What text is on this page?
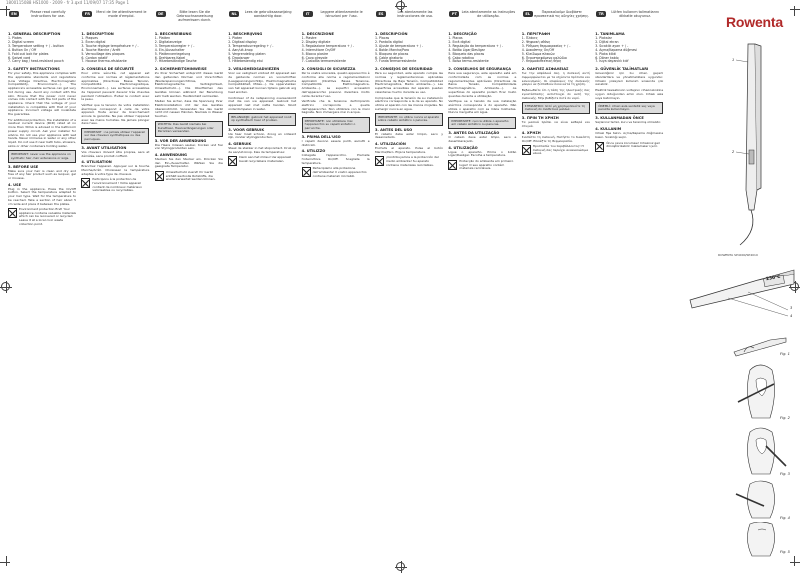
1800115088 HS1000 - 2009 - fr 3.qxd 11/09/07 17:35 Page 1
EN	Please read carefully instructions for use.
1. GENERAL DESCRIPTION
1. Plates
2. Digital screen
3. Temperature setting + / - button
4. Button On / Off
5. Fold out lock for plates
6. Swivel cord
7. Carry bag / heat-resistant pouch
2. SAFETY INSTRUCTIONS

For your safety, this appliance complies with the applicable standards and regulations (Low Voltage Directive, Electromagnetic Compatibility, Environment...). The appliance's accessible surfaces can get very hot during use. Avoid any contact with the skin. Ensure that the power cord never comes into contact with the hot parts of the appliance. Check that the voltage of your installation is compatible with that of your appliance. Incorrect voltage will invalidate the guarantee.

For additional protection, the installation of a residual current device (RCD) rated at no more than 30mA is advised in the bathroom power supply circuit. Ask your installer for advice. Do not use your appliance with wet hands. Never immerse in water or any other liquid. Do not use it near bath tubs, showers, sinks or other containers holding water.

IMPORTANT: never use the appliance on synthetic hair, hair extensions or wigs.
3. BEFORE USE

Make sure your hair is clean and dry and free of any hair product such as lacquer, gel or mousse.

4. USE

Plug in the appliance. Press the On/Off button. Select the temperature adapted to your hair type. Wait for the temperature to be reached. Take a section of hair about 5 cm wide and place it between the plates.

Environment protection first! Your appliance contains valuable materials which can be recovered or recycled. Leave it at a local civic waste collection point.
FR	Merci de lire attentivement le mode d'emploi.
1. DESCRIPTION
1. Plaques
2. Écran digital
3. Touche réglage température + / -
4. Touche Marche / Arrêt
5. Verrouillage des plaques
6. Cordon rotatif
7. Housse thermo-résistante
2. CONSEILS DE SÉCURITÉ

Pour votre sécurité, cet appareil est conforme aux normes et réglementations applicables (Directives Basse Tension, Compatibilité Electromagnétique, Environnement...). Les surfaces accessibles de l'appareil peuvent devenir très chaudes pendant l'utilisation. Évitez le contact avec la peau.

Vérifiez que la tension de votre installation électrique correspond à celle de votre appareil. Toute erreur de branchement annule la garantie. Ne pas utiliser l'appareil avec les mains humides. Ne jamais plonger dans l'eau.

IMPORTANT : ne jamais utiliser l'appareil sur des cheveux synthétiques ou des perruques.
3. AVANT UTILISATION

Vos cheveux doivent être propres, secs et démêlés, sans produit coiffant.

4. UTILISATION

Branchez l'appareil. Appuyez sur la touche Marche/Arrêt. Choisissez la température adaptée à votre type de cheveux.

Participons à la protection de l'environnement ! Votre appareil contient de nombreux matériaux valorisables ou recyclables.
DE	Bitte lesen Sie die Gebrauchsanweisung aufmerksam durch.
1. BESCHREIBUNG
1. Platten
2. Digitalanzeige
3. Temperaturregler + / -
4. Ein-/Ausschalter
5. Plattenverriegelung
6. Drehbares Kabel
7. Hitzebeständige Tasche
2. SICHERHEITSHINWEISE

Zu Ihrer Sicherheit entspricht dieses Gerät den geltenden Normen und Vorschriften (Niederspannungsrichtlinie, Elektromagnetische Verträglichkeit, Umweltschutz...). Die Oberflächen des Gerätes können während der Benutzung sehr heiß werden. Hautkontakt vermeiden.

Stellen Sie sicher, dass die Spannung Ihrer Elektroinstallation mit der des Gerätes übereinstimmt. Verwenden Sie das Gerät nicht mit nassen Händen. Niemals in Wasser tauchen.

WICHTIG: Das Gerät niemals bei Kunsthaar, Haarverlängerungen oder Perücken verwenden.
3. VOR DER ANWENDUNG

Die Haare müssen sauber, trocken und frei von Stylingprodukten sein.

4. ANWENDUNG

Stecken Sie den Stecker ein. Drücken Sie den Ein-/Ausschalter. Wählen Sie die geeignete Temperatur.

Umweltschutz zuerst! Ihr Gerät enthält wertvolle Rohstoffe, die wiederverwertet werden können.
NL	Lees de gebruiksaanwijzing aandachtig door.
1. BESCHRIJVING
1. Platen
2. Digitaal display
3. Temperatuurregeling + / -
4. Aan/uit-knop
5. Vergrendeling platen
6. Draaisnoer
7. Hittebestendig etui
2. VEILIGHEIDSADVIEZEN

Voor uw veiligheid voldoet dit apparaat aan de geldende normen en voorschriften (Laagspanningsrichtlijn, Elektromagnetische Compatibiliteit, Milieu...). De oppervlakken van het apparaat kunnen tijdens gebruik erg heet worden.

Controleer of de netspanning overeenkomt met die van uw apparaat. Gebruik het apparaat niet met natte handen. Nooit onderdompelen in water.

BELANGRIJK: gebruik het apparaat nooit op synthetisch haar of pruiken.
3. VOOR GEBRUIK

Uw haar moet schoon, droog en ontward zijn, zonder stylingproducten.

4. GEBRUIK

Steek de stekker in het stopcontact. Druk op de aan/uit-knop. Kies de temperatuur.

Denk aan het milieu! Uw apparaat bevat recyclebare materialen.
IT	Leggere attentamente le istruzioni per l'uso.
1. DESCRIZIONE
1. Piastre
2. Display digitale
3. Regolazione temperatura + / -
4. Interruttore On/Off
5. Blocco piastre
6. Cavo girevole
7. Custodia termoresistente
2. CONSIGLI DI SICUREZZA

Per la vostra sicurezza, questo apparecchio è conforme alle norme e regolamentazioni applicabili (Direttive Bassa Tensione, Compatibilità Elettromagnetica, Ambiente...). Le superfici accessibili dell'apparecchio possono diventare molto calde durante l'uso.

Verificate che la tensione dell'impianto elettrico corrisponda a quella dell'apparecchio. Non utilizzare con le mani bagnate. Non immergere mai in acqua.

IMPORTANTE: non utilizzare mai l'apparecchio su capelli sintetici o parrucche.
3. PRIMA DELL'USO

I capelli devono essere puliti, asciutti e districati.

4. UTILIZZO

Collegate l'apparecchio. Premete l'interruttore On/Off. Scegliete la temperatura.

Partecipiamo alla protezione dell'ambiente! Il vostro apparecchio contiene materiali riciclabili.
ES	Lea atentamente las instrucciones de uso.
1. DESCRIPCIÓN
1. Placas
2. Pantalla digital
3. Ajuste de temperatura + / -
4. Botón Marcha/Paro
5. Bloqueo de placas
6. Cable giratorio
7. Funda termorresistente
2. CONSEJOS DE SEGURIDAD

Para su seguridad, este aparato cumple las normas y reglamentaciones aplicables (Directivas de Baja Tensión, Compatibilidad Electromagnética, Medio ambiente...). Las superficies accesibles del aparato pueden calentarse mucho durante su uso.

Compruebe que la tensión de su instalación eléctrica corresponde a la de su aparato. No utilice el aparato con las manos mojadas. No sumergir nunca en agua.

IMPORTANTE: no utilice nunca el aparato sobre cabello sintético o pelucas.
3. ANTES DEL USO

El cabello debe estar limpio, seco y desenredado.

4. UTILIZACIÓN

Enchufe el aparato. Pulse el botón Marcha/Paro. Elija la temperatura.

¡Contribuyamos a la protección del medio ambiente! Su aparato contiene materiales reciclables.
PT	Leia atentamente as instruções de utilização.
1. DESCRIÇÃO
1. Placas
2. Ecrã digital
3. Regulação da temperatura + / -
4. Botão Ligar/Desligar
5. Bloqueio das placas
6. Cabo rotativo
7. Bolsa termo-resistente
2. CONSELHOS DE SEGURANÇA

Para sua segurança, este aparelho está em conformidade com as normas e regulamentações aplicáveis (Directivas de Baixa Tensão, Compatibilidade Electromagnética, Ambiente...). As superfícies do aparelho podem ficar muito quentes durante a utilização.

Verifique se a tensão da sua instalação eléctrica corresponde à do aparelho. Não utilize o aparelho com as mãos molhadas. Nunca mergulhe em água.

IMPORTANTE: nunca utilize o aparelho em cabelo sintético ou perucas.
3. ANTES DA UTILIZAÇÃO

O cabelo deve estar limpo, seco e desembaraçado.

4. UTILIZAÇÃO

Ligue o aparelho. Prima o botão Ligar/Desligar. Escolha a temperatura.

Protecção do ambiente em primeiro lugar! O seu aparelho contém materiais recicláveis.
EL	Παρακαλούμε διαβάστε προσεκτικά τις οδηγίες χρήσης.
1. ΠΕΡΙΓΡΑΦΗ
1. Πλάκες
2. Ψηφιακή οθόνη
3. Ρύθμιση θερμοκρασίας + / -
4. Διακόπτης On/Off
5. Κλείδωμα πλακών
6. Περιστρεφόμενο καλώδιο
7. Θερμοανθεκτική θήκη
2. ΟΔΗΓΙΕΣ ΑΣΦΑΛΕΙΑΣ

Για την ασφάλειά σας, η συσκευή αυτή συμμορφώνεται με τα ισχύοντα πρότυπα και κανονισμούς. Οι επιφάνειες της συσκευής μπορεί να ζεσταθούν πολύ κατά τη χρήση.

Βεβαιωθείτε ότι η τάση της ηλεκτρικής σας εγκατάστασης αντιστοιχεί σε αυτή της συσκευής. Μην βυθίζετε ποτέ σε νερό.

ΣΗΜΑΝΤΙΚΟ: ποτέ μη χρησιμοποιείτε τη συσκευή σε συνθετικά μαλλιά.
3. ΠΡΙΝ ΤΗ ΧΡΗΣΗ

Τα μαλλιά πρέπει να είναι καθαρά και στεγνά.

4. ΧΡΗΣΗ

Συνδέστε τη συσκευή. Πατήστε το διακόπτη On/Off. Επιλέξτε τη θερμοκρασία.

Προστασία του περιβάλλοντος! Η συσκευή σας περιέχει ανακυκλώσιμα υλικά.
TR	Lütfen kullanım talimatlarını dikkatle okuyunuz.
1. TANIMLAMA
1. Plakalar
2. Dijital ekran
3. Sıcaklık ayarı + / -
4. Açma/Kapama düğmesi
5. Plaka kilidi
6. Döner kablo
7. Isıya dayanıklı kılıf
2. GÜVENLİK TALİMATLARI

Güvenliğiniz için bu cihaz, geçerli standartlara ve yönetmeliklere uygundur. Cihazın yüzeyleri kullanım sırasında çok ısınabilir.

Elektrik tesisatınızın voltajının cihazınızınkine uygun olduğundan emin olun. Cihazı asla suya batırmayın.

ÖNEMLİ: cihazı asla sentetik saç veya perukta kullanmayın.
3. KULLANMADAN ÖNCE

Saçlarınız temiz, kuru ve taranmış olmalıdır.

4. KULLANIM

Cihazı fişe takın. Açma/Kapama düğmesine basın. Sıcaklığı seçin.

Önce çevre koruması! Cihazınız geri dönüştürülebilir malzemeler içerir.
Rowenta
1
2
ROWENTA SP4000/SP4010
230°C
3
4
Fig. 1
Fig. 2
Fig. 3
Fig. 4
Fig. 5
